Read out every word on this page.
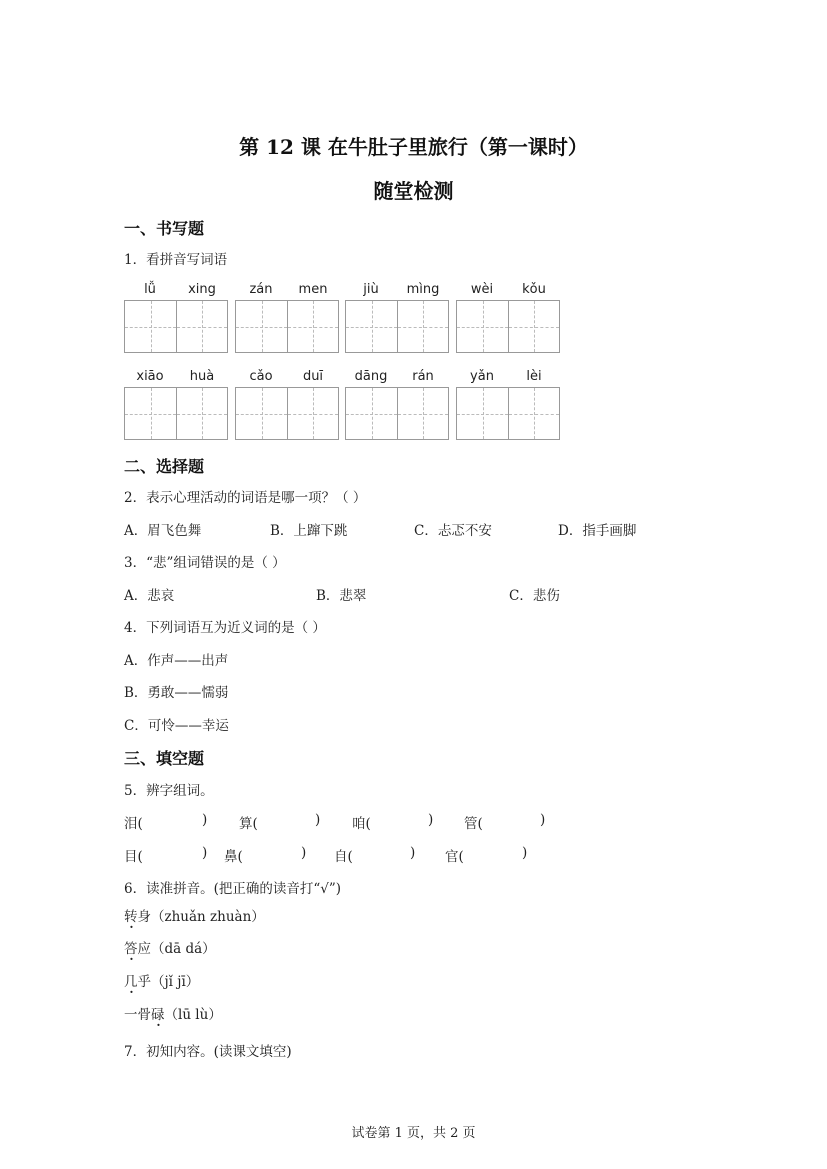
第 12 课 在牛肚子里旅行（第一课时）
随堂检测
一、书写题
1．看拼音写词语
lǚ	xing	zán	men	jiù	mìng	wèi	kǒu
xiāo	huà	cǎo	duī	dāng	rán	yǎn	lèi
二、选择题
2．表示心理活动的词语是哪一项？（ ）
A．眉飞色舞	B．上蹿下跳	C．忐忑不安	D．指手画脚
3．“悲”组词错误的是（ ）
A．悲哀	B．悲翠	C．悲伤
4．下列词语互为近义词的是（ ）
A．作声——出声
B．勇敢——懦弱
C．可怜——幸运
三、填空题
5．辨字组词。
泪(	) 算(	) 咱(	) 管(	)
目(	) 鼻(	) 自(	) 官(	)
6．读准拼音。(把正确的读音打“√”)
转身（zhuǎn zhuàn）
答应（dā dá）
几乎（jǐ jī）
一骨碌（lū lù）
7．初知内容。(读课文填空)
试卷第 1 页，共 2 页
